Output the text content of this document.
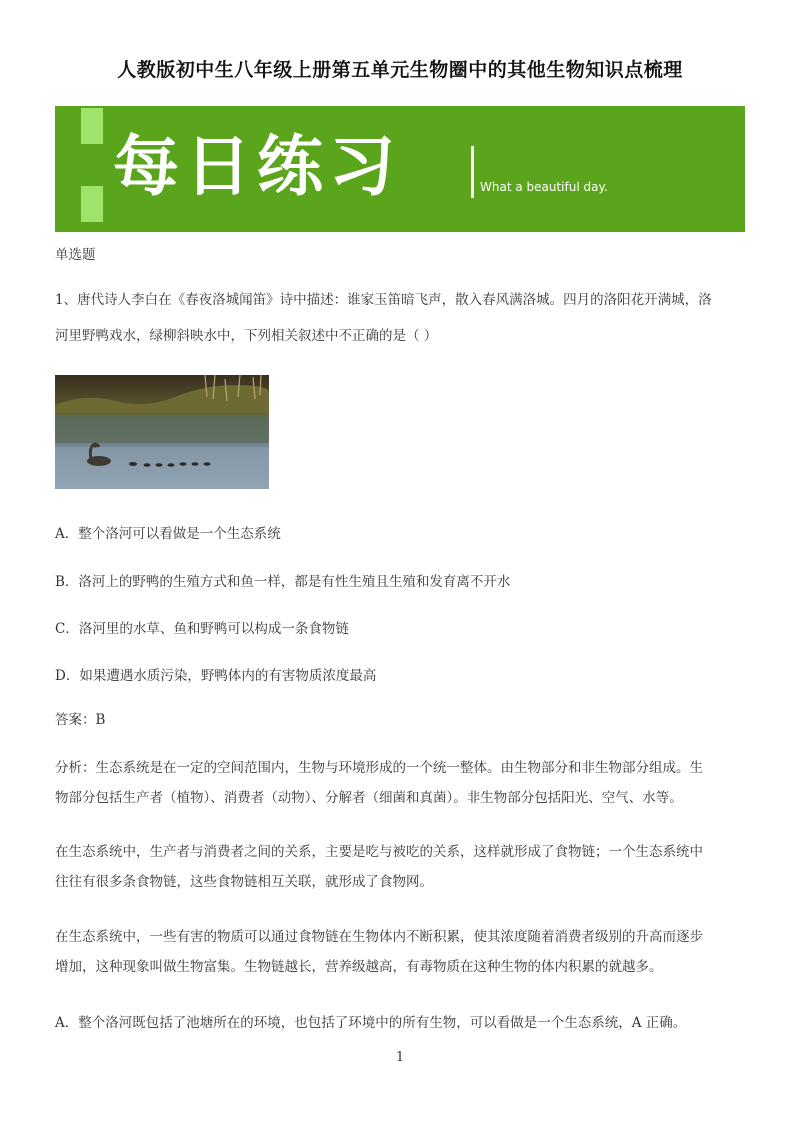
人教版初中生八年级上册第五单元生物圈中的其他生物知识点梳理
每日练习	What a beautiful day.
单选题
1、唐代诗人李白在《春夜洛城闻笛》诗中描述：谁家玉笛暗飞声，散入春风满洛城。四月的洛阳花开满城，洛
河里野鸭戏水，绿柳斜映水中，下列相关叙述中不正确的是（ ）
A．整个洛河可以看做是一个生态系统
B．洛河上的野鸭的生殖方式和鱼一样，都是有性生殖且生殖和发育离不开水
C．洛河里的水草、鱼和野鸭可以构成一条食物链
D．如果遭遇水质污染，野鸭体内的有害物质浓度最高
答案：B
分析：生态系统是在一定的空间范围内，生物与环境形成的一个统一整体。由生物部分和非生物部分组成。生
物部分包括生产者（植物）、消费者（动物）、分解者（细菌和真菌）。非生物部分包括阳光、空气、水等。
在生态系统中，生产者与消费者之间的关系，主要是吃与被吃的关系，这样就形成了食物链；一个生态系统中
往往有很多条食物链，这些食物链相互关联，就形成了食物网。
在生态系统中，一些有害的物质可以通过食物链在生物体内不断积累，使其浓度随着消费者级别的升高而逐步
增加，这种现象叫做生物富集。生物链越长，营养级越高，有毒物质在这种生物的体内积累的就越多。
A．整个洛河既包括了池塘所在的环境，也包括了环境中的所有生物，可以看做是一个生态系统，A 正确。
1
